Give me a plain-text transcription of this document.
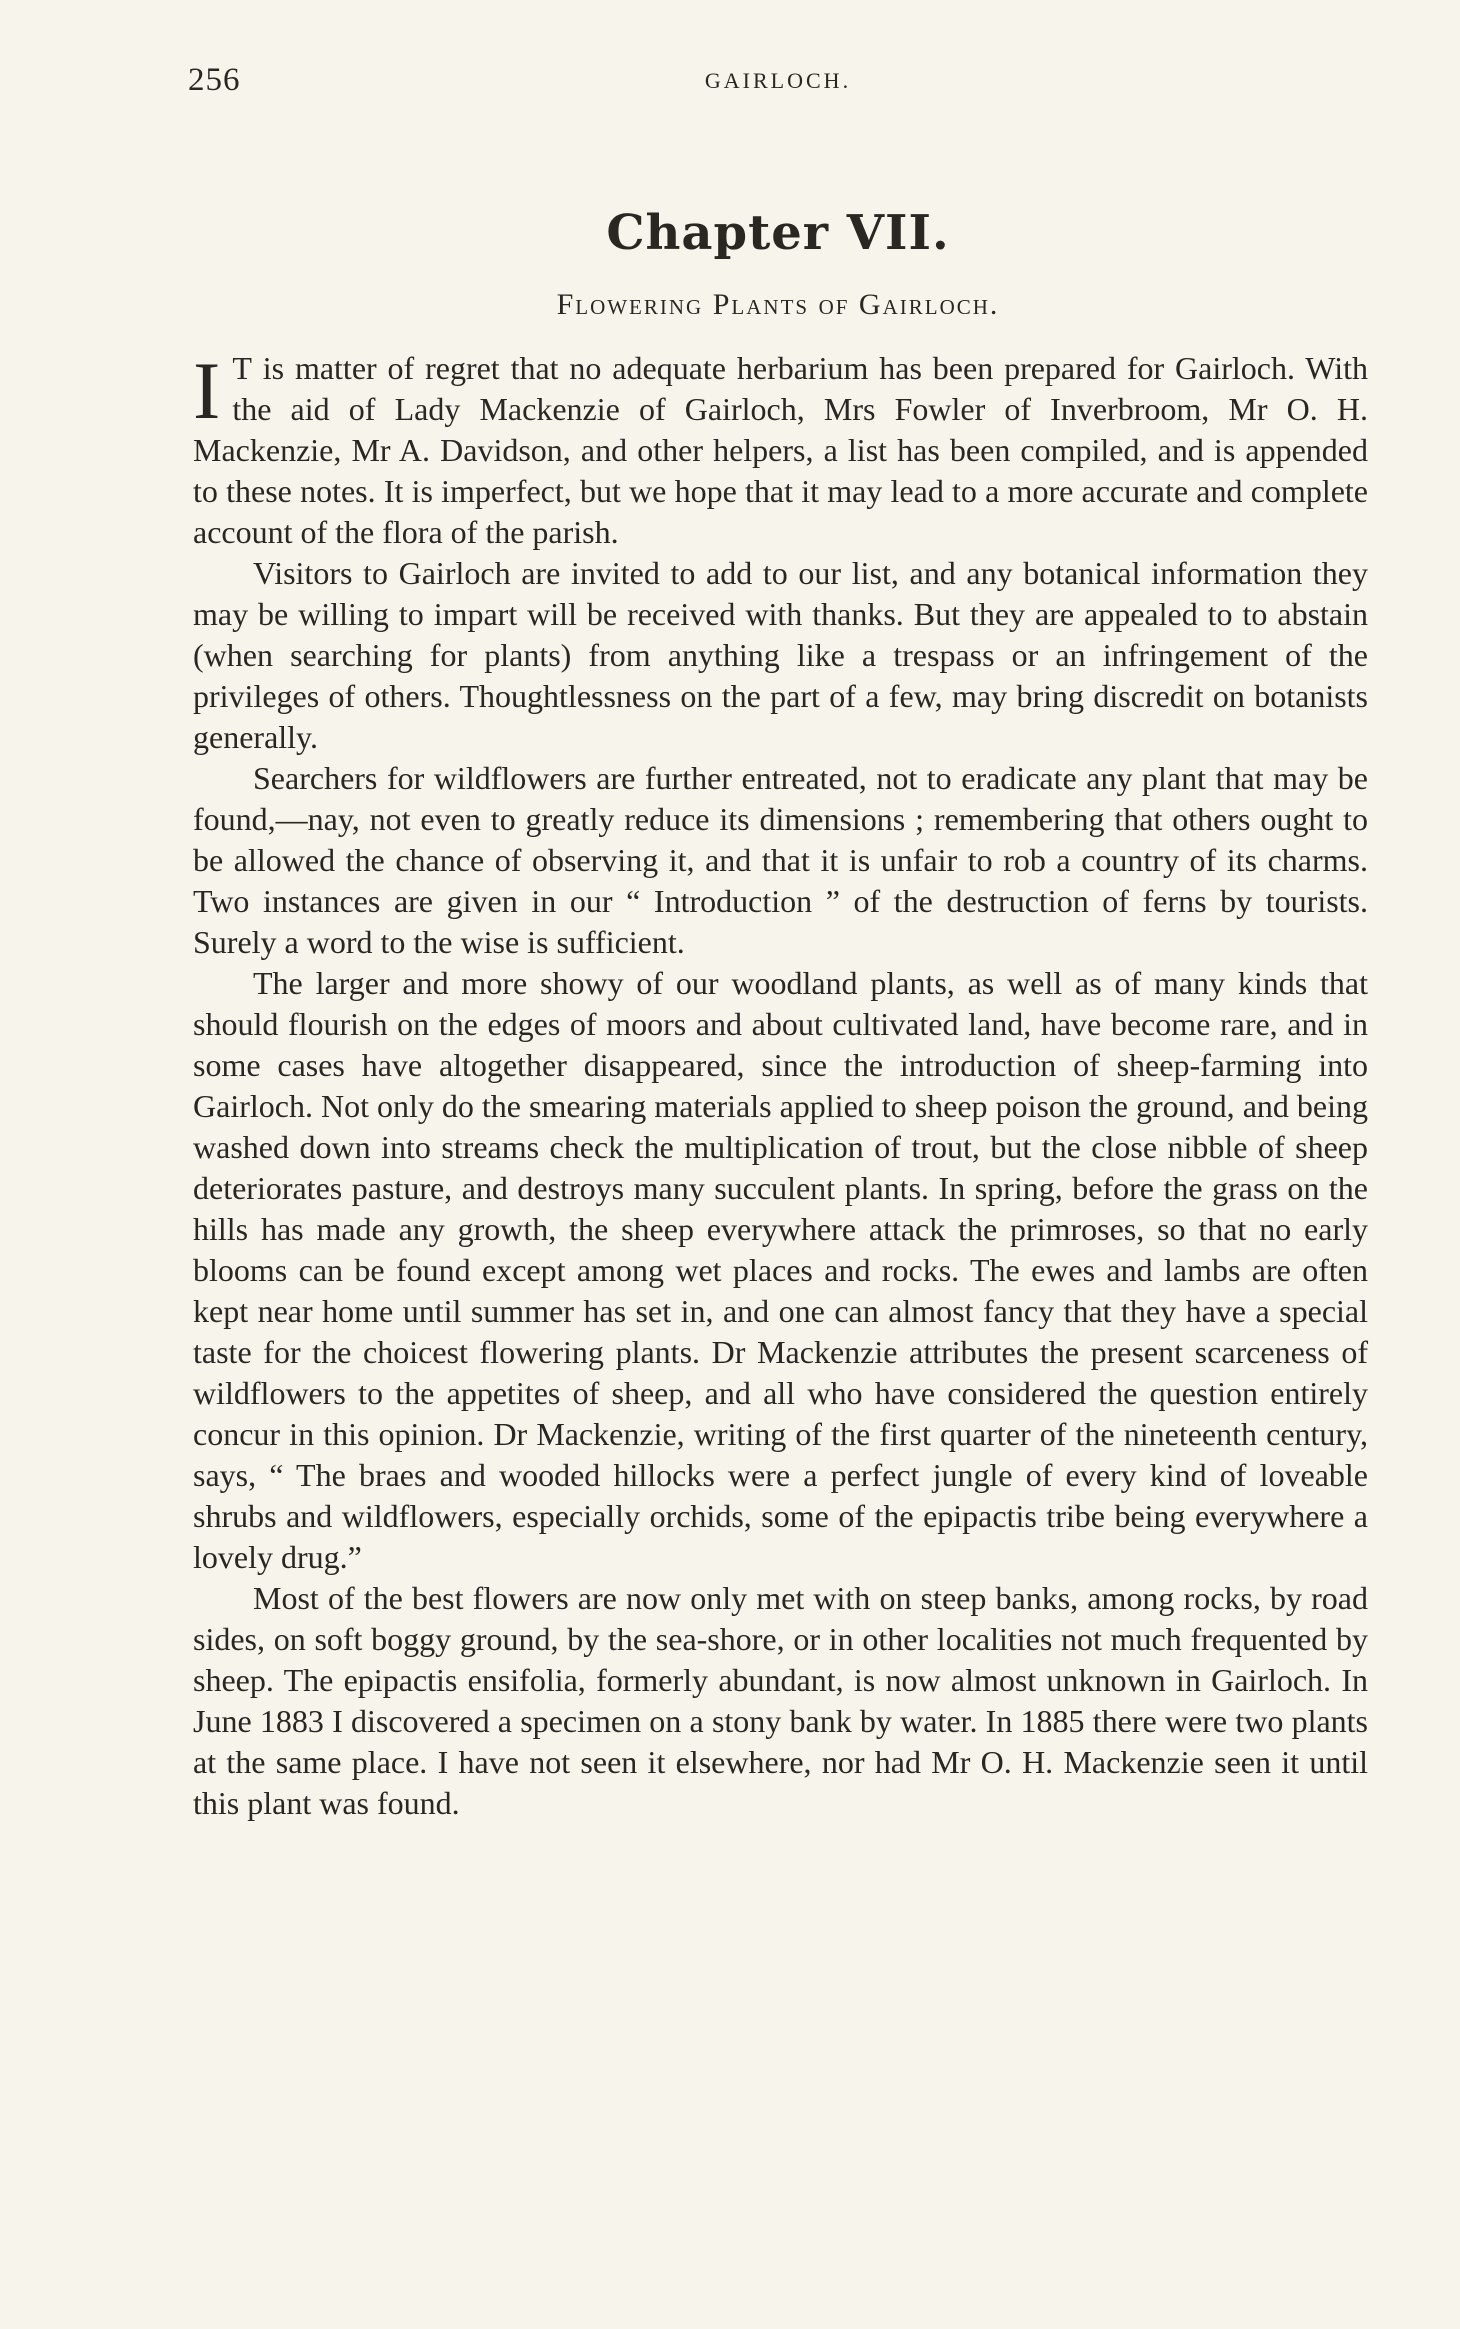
256	GAIRLOCH.
Chapter VII.
Flowering Plants of Gairloch.

I T is matter of regret that no adequate herbarium has been prepared for Gairloch. With the aid of Lady Mackenzie of Gairloch, Mrs Fowler of Inverbroom, Mr O. H. Mackenzie, Mr A. Davidson, and other helpers, a list has been compiled, and is appended to these notes. It is imperfect, but we hope that it may lead to a more accurate and complete account of the flora of the parish.

Visitors to Gairloch are invited to add to our list, and any botanical information they may be willing to impart will be received with thanks. But they are appealed to to abstain (when searching for plants) from anything like a trespass or an infringement of the privileges of others. Thoughtlessness on the part of a few, may bring discredit on botanists generally.

Searchers for wildflowers are further entreated, not to eradicate any plant that may be found,—nay, not even to greatly reduce its dimensions ; remembering that others ought to be allowed the chance of observing it, and that it is unfair to rob a country of its charms. Two instances are given in our “ Introduction ” of the destruction of ferns by tourists. Surely a word to the wise is sufficient.

The larger and more showy of our woodland plants, as well as of many kinds that should flourish on the edges of moors and about cultivated land, have become rare, and in some cases have altogether disappeared, since the introduction of sheep-farming into Gairloch. Not only do the smearing materials applied to sheep poison the ground, and being washed down into streams check the multiplication of trout, but the close nibble of sheep deteriorates pasture, and destroys many succulent plants. In spring, before the grass on the hills has made any growth, the sheep everywhere attack the primroses, so that no early blooms can be found except among wet places and rocks. The ewes and lambs are often kept near home until summer has set in, and one can almost fancy that they have a special taste for the choicest flowering plants. Dr Mackenzie attributes the present scarceness of wildflowers to the appetites of sheep, and all who have considered the question entirely concur in this opinion. Dr Mackenzie, writing of the first quarter of the nineteenth century, says, “ The braes and wooded hillocks were a perfect jungle of every kind of loveable shrubs and wildflowers, especially orchids, some of the epipactis tribe being everywhere a lovely drug.”

Most of the best flowers are now only met with on steep banks, among rocks, by road sides, on soft boggy ground, by the sea-shore, or in other localities not much frequented by sheep. The epipactis ensifolia, formerly abundant, is now almost unknown in Gairloch. In June 1883 I discovered a specimen on a stony bank by water. In 1885 there were two plants at the same place. I have not seen it elsewhere, nor had Mr O. H. Mackenzie seen it until this plant was found.
